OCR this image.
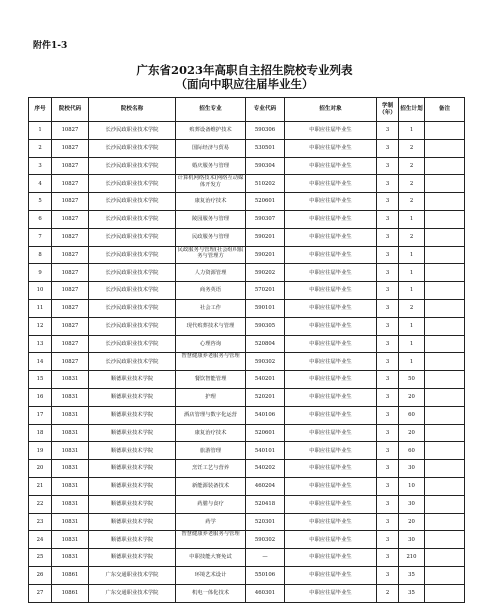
附件1-3
广东省2023年高职自主招生院校专业列表
（面向中职应往届毕业生）
序号	院校代码	院校名称	招生专业	专业代码	招生对象	学制（年）	招生计划	备注
1	10827	长沙民政职业技术学院	殡葬设备维护技术	590306	中职应往届毕业生	3	1	
2	10827	长沙民政职业技术学院	国际经济与贸易	530501	中职应往届毕业生	3	2	
3	10827	长沙民政职业技术学院	婚庆服务与管理	590304	中职应往届毕业生	3	2	
4	10827	长沙民政职业技术学院	计算机网络技术(网络互动媒体开发方	510202	中职应往届毕业生	3	2	
5	10827	长沙民政职业技术学院	康复治疗技术	520601	中职应往届毕业生	3	2	
6	10827	长沙民政职业技术学院	陵园服务与管理	590307	中职应往届毕业生	3	1	
7	10827	长沙民政职业技术学院	民政服务与管理	590201	中职应往届毕业生	3	2	
8	10827	长沙民政职业技术学院	民政服务与管理(社会组织服务与管理方	590201	中职应往届毕业生	3	1	
9	10827	长沙民政职业技术学院	人力资源管理	590202	中职应往届毕业生	3	1	
10	10827	长沙民政职业技术学院	商务英语	570201	中职应往届毕业生	3	1	
11	10827	长沙民政职业技术学院	社会工作	590101	中职应往届毕业生	3	2	
12	10827	长沙民政职业技术学院	现代殡葬技术与管理	590305	中职应往届毕业生	3	1	
13	10827	长沙民政职业技术学院	心理咨询	520804	中职应往届毕业生	3	1	
14	10827	长沙民政职业技术学院	智慧健康养老服务与管理	590302	中职应往届毕业生	3	1	
15	10831	顺德职业技术学院	餐饮智能管理	540201	中职应往届毕业生	3	50	
16	10831	顺德职业技术学院	护理	520201	中职应往届毕业生	3	20	
17	10831	顺德职业技术学院	酒店管理与数字化运营	540106	中职应往届毕业生	3	60	
18	10831	顺德职业技术学院	康复治疗技术	520601	中职应往届毕业生	3	20	
19	10831	顺德职业技术学院	旅游管理	540101	中职应往届毕业生	3	60	
20	10831	顺德职业技术学院	烹饪工艺与营养	540202	中职应往届毕业生	3	30	
21	10831	顺德职业技术学院	新能源装备技术	460204	中职应往届毕业生	3	10	
22	10831	顺德职业技术学院	药膳与食疗	520418	中职应往届毕业生	3	30	
23	10831	顺德职业技术学院	药学	520301	中职应往届毕业生	3	20	
24	10831	顺德职业技术学院	智慧健康养老服务与管理	590302	中职应往届毕业生	3	30	
25	10831	顺德职业技术学院	中职技能大赛免试	—	中职应往届毕业生	3	210	
26	10861	广东交通职业技术学院	环境艺术设计	550106	中职应往届毕业生	3	35	
27	10861	广东交通职业技术学院	机电一体化技术	460301	中职应往届毕业生	2	35	
